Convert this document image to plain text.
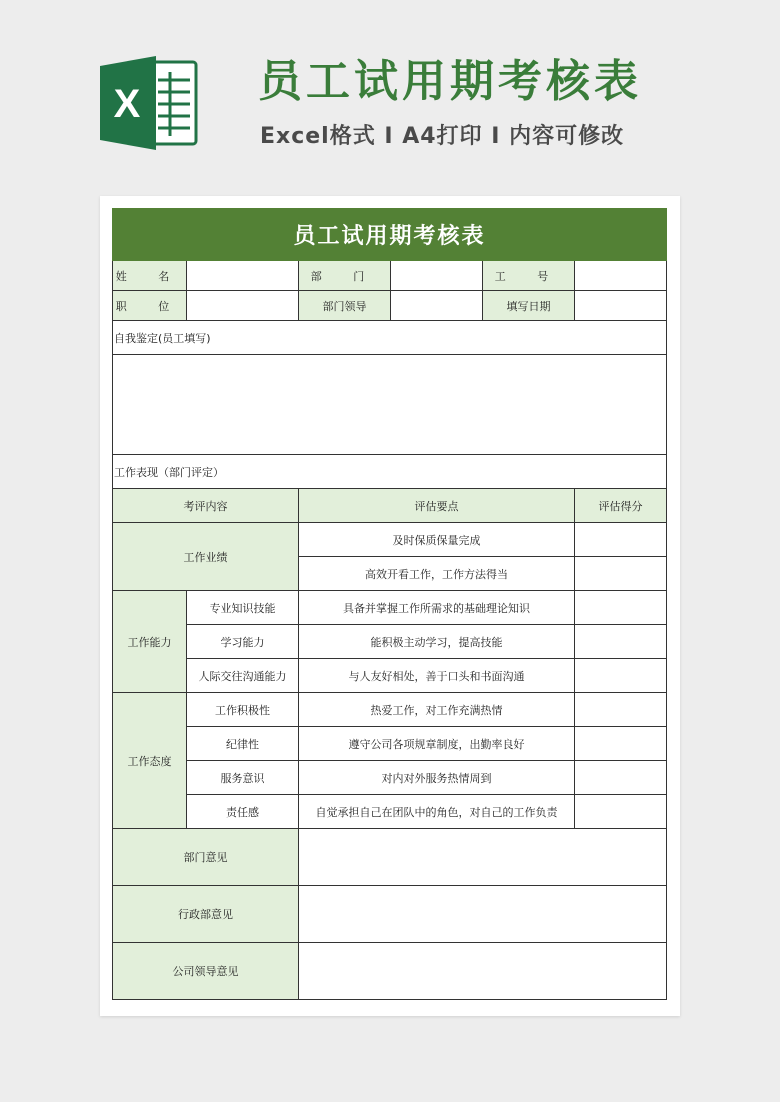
X	员工试用期考核表

Excel格式 I A4打印 I 内容可修改

员工试用期考核表					
姓 名		部 门		工 号	
职 位		部门领导		填写日期	
自我鉴定(员工填写)					

工作表现（部门评定）					
考评内容		评估要点			评估得分
工作业绩		及时保质保量完成			
		高效开看工作，工作方法得当			
工作能力	专业知识技能	具备并掌握工作所需求的基础理论知识			
	学习能力	能积极主动学习，提高技能			
	人际交往沟通能力	与人友好相处，善于口头和书面沟通			
工作态度	工作积极性	热爱工作，对工作充满热情			
	纪律性	遵守公司各项规章制度，出勤率良好			
	服务意识	对内对外服务热情周到			
	责任感	自觉承担自己在团队中的角色，对自己的工作负责			
部门意见					
行政部意见					
公司领导意见					
